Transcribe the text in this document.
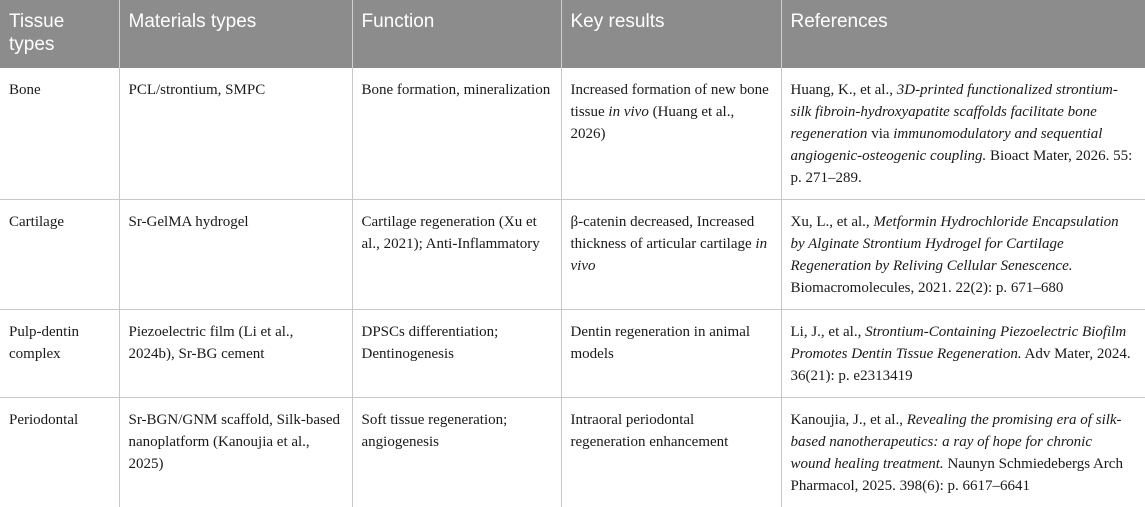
Tissue types	Materials types	Function	Key results	References
Bone	PCL/strontium, SMPC	Bone formation, mineralization	Increased formation of new bone tissue in vivo (Huang et al., 2026)	Huang, K., et al., 3D-printed functionalized strontium-silk fibroin-hydroxyapatite scaffolds facilitate bone regeneration via immunomodulatory and sequential angiogenic-osteogenic coupling. Bioact Mater, 2026. 55: p. 271–289.
Cartilage	Sr-GelMA hydrogel	Cartilage regeneration (Xu et al., 2021); Anti-Inflammatory	β-catenin decreased, Increased thickness of articular cartilage in vivo	Xu, L., et al., Metformin Hydrochloride Encapsulation by Alginate Strontium Hydrogel for Cartilage Regeneration by Reliving Cellular Senescence. Biomacromolecules, 2021. 22(2): p. 671–680
Pulp-dentin complex	Piezoelectric film (Li et al., 2024b), Sr-BG cement	DPSCs differentiation; Dentinogenesis	Dentin regeneration in animal models	Li, J., et al., Strontium-Containing Piezoelectric Biofilm Promotes Dentin Tissue Regeneration. Adv Mater, 2024. 36(21): p. e2313419
Periodontal	Sr-BGN/GNM scaffold, Silk-based nanoplatform (Kanoujia et al., 2025)	Soft tissue regeneration; angiogenesis	Intraoral periodontal regeneration enhancement	Kanoujia, J., et al., Revealing the promising era of silk-based nanotherapeutics: a ray of hope for chronic wound healing treatment. Naunyn Schmiedebergs Arch Pharmacol, 2025. 398(6): p. 6617–6641
